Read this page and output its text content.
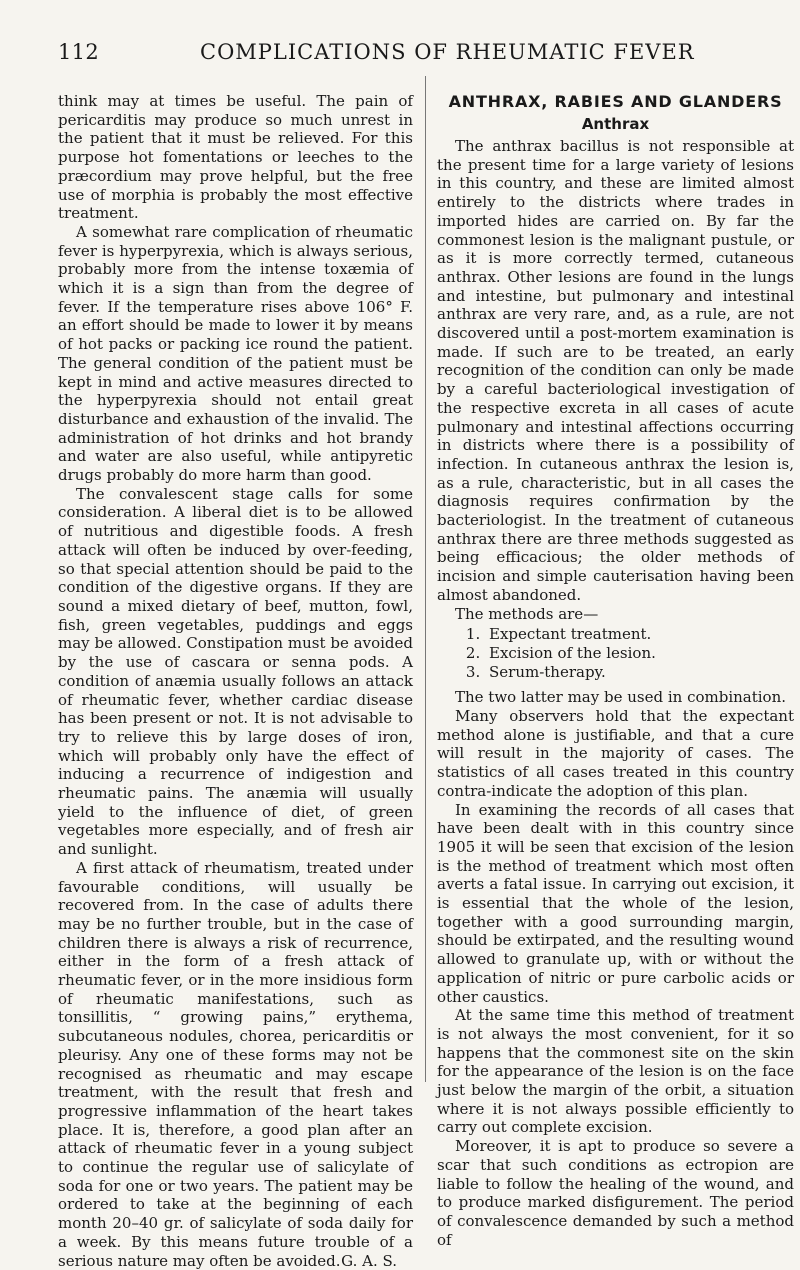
112	COMPLICATIONS OF RHEUMATIC FEVER

think may at times be useful. The pain of pericarditis may produce so much unrest in the patient that it must be relieved. For this purpose hot fomentations or leeches to the præcordium may prove helpful, but the free use of morphia is probably the most effective treatment.

A somewhat rare complication of rheumatic fever is hyperpyrexia, which is always serious, probably more from the intense toxæmia of which it is a sign than from the degree of fever. If the temperature rises above 106° F. an effort should be made to lower it by means of hot packs or packing ice round the patient. The general condition of the patient must be kept in mind and active measures directed to the hyperpyrexia should not entail great disturbance and exhaustion of the invalid. The administration of hot drinks and hot brandy and water are also useful, while antipyretic drugs probably do more harm than good.

The convalescent stage calls for some consideration. A liberal diet is to be allowed of nutritious and digestible foods. A fresh attack will often be induced by over-feeding, so that special attention should be paid to the condition of the digestive organs. If they are sound a mixed dietary of beef, mutton, fowl, fish, green vegetables, puddings and eggs may be allowed. Constipation must be avoided by the use of cascara or senna pods. A condition of anæmia usually follows an attack of rheumatic fever, whether cardiac disease has been present or not. It is not advisable to try to relieve this by large doses of iron, which will probably only have the effect of inducing a recurrence of indigestion and rheumatic pains. The anæmia will usually yield to the influence of diet, of green vegetables more especially, and of fresh air and sunlight.

A first attack of rheumatism, treated under favourable conditions, will usually be recovered from. In the case of adults there may be no further trouble, but in the case of children there is always a risk of recurrence, either in the form of a fresh attack of rheumatic fever, or in the more insidious form of rheumatic manifestations, such as tonsillitis, “ growing pains,” erythema, subcutaneous nodules, chorea, pericarditis or pleurisy. Any one of these forms may not be recognised as rheumatic and may escape treatment, with the result that fresh and progressive inflammation of the heart takes place. It is, therefore, a good plan after an attack of rheumatic fever in a young subject to continue the regular use of salicylate of soda for one or two years. The patient may be ordered to take at the beginning of each month 20–40 gr. of salicylate of soda daily for a week. By this means future trouble of a serious nature may often be avoided. G. A. S.

ANTHRAX, RABIES AND GLANDERS
Anthrax

The anthrax bacillus is not responsible at the present time for a large variety of lesions in this country, and these are limited almost entirely to the districts where trades in imported hides are carried on. By far the commonest lesion is the malignant pustule, or as it is more correctly termed, cutaneous anthrax. Other lesions are found in the lungs and intestine, but pulmonary and intestinal anthrax are very rare, and, as a rule, are not discovered until a post-mortem examination is made. If such are to be treated, an early recognition of the condition can only be made by a careful bacteriological investigation of the respective excreta in all cases of acute pulmonary and intestinal affections occurring in districts where there is a possibility of infection. In cutaneous anthrax the lesion is, as a rule, characteristic, but in all cases the diagnosis requires confirmation by the bacteriologist. In the treatment of cutaneous anthrax there are three methods suggested as being efficacious; the older methods of incision and simple cauterisation having been almost abandoned.

The methods are—

1. Expectant treatment.
2. Excision of the lesion.
3. Serum-therapy.

The two latter may be used in combination.

Many observers hold that the expectant method alone is justifiable, and that a cure will result in the majority of cases. The statistics of all cases treated in this country contra-indicate the adoption of this plan.

In examining the records of all cases that have been dealt with in this country since 1905 it will be seen that excision of the lesion is the method of treatment which most often averts a fatal issue. In carrying out excision, it is essential that the whole of the lesion, together with a good surrounding margin, should be extirpated, and the resulting wound allowed to granulate up, with or without the application of nitric or pure carbolic acids or other caustics.

At the same time this method of treatment is not always the most convenient, for it so happens that the commonest site on the skin for the appearance of the lesion is on the face just below the margin of the orbit, a situation where it is not always possible efficiently to carry out complete excision.

Moreover, it is apt to produce so severe a scar that such conditions as ectropion are liable to follow the healing of the wound, and to produce marked disfigurement. The period of convalescence demanded by such a method of
